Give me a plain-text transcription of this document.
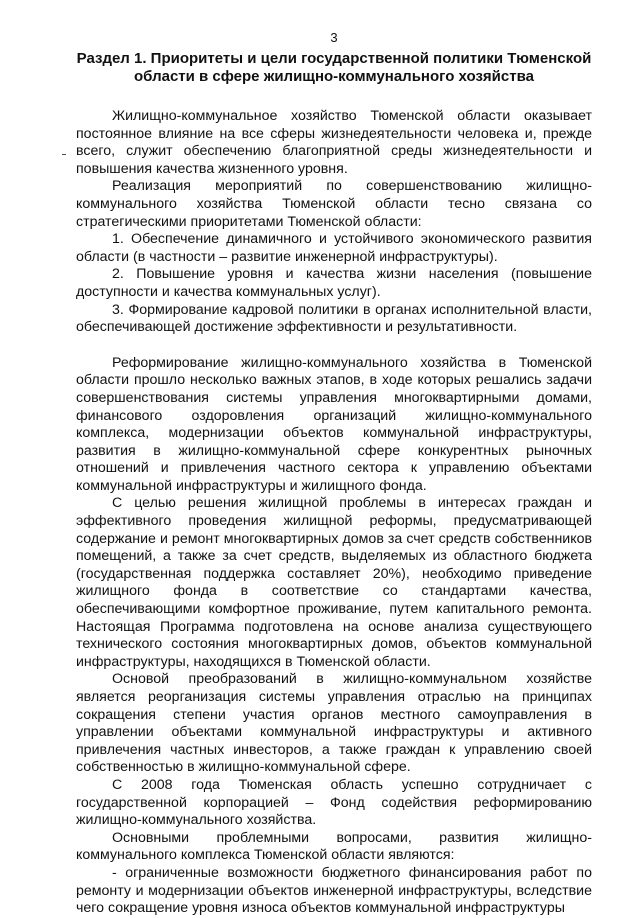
3
Раздел 1. Приоритеты и цели государственной политики Тюменской области в сфере жилищно-коммунального хозяйства

Жилищно-коммунальное хозяйство Тюменской области оказывает постоянное влияние на все сферы жизнедеятельности человека и, прежде всего, служит обеспечению благоприятной среды жизнедеятельности и повышения качества жизненного уровня.

Реализация мероприятий по совершенствованию жилищно-коммунального хозяйства Тюменской области тесно связана со стратегическими приоритетами Тюменской области:

1. Обеспечение динамичного и устойчивого экономического развития области (в частности – развитие инженерной инфраструктуры).

2. Повышение уровня и качества жизни населения (повышение доступности и качества коммунальных услуг).

3. Формирование кадровой политики в органах исполнительной власти, обеспечивающей достижение эффективности и результативности.

Реформирование жилищно-коммунального хозяйства в Тюменской области прошло несколько важных этапов, в ходе которых решались задачи совершенствования системы управления многоквартирными домами, финансового оздоровления организаций жилищно-коммунального комплекса, модернизации объектов коммунальной инфраструктуры, развития в жилищно-коммунальной сфере конкурентных рыночных отношений и привлечения частного сектора к управлению объектами коммунальной инфраструктуры и жилищного фонда.

С целью решения жилищной проблемы в интересах граждан и эффективного проведения жилищной реформы, предусматривающей содержание и ремонт многоквартирных домов за счет средств собственников помещений, а также за счет средств, выделяемых из областного бюджета (государственная поддержка составляет 20%), необходимо приведение жилищного фонда в соответствие со стандартами качества, обеспечивающими комфортное проживание, путем капитального ремонта. Настоящая Программа подготовлена на основе анализа существующего технического состояния многоквартирных домов, объектов коммунальной инфраструктуры, находящихся в Тюменской области.

Основой преобразований в жилищно-коммунальном хозяйстве является реорганизация системы управления отраслью на принципах сокращения степени участия органов местного самоуправления в управлении объектами коммунальной инфраструктуры и активного привлечения частных инвесторов, а также граждан к управлению своей собственностью в жилищно-коммунальной сфере.

С 2008 года Тюменская область успешно сотрудничает с государственной корпорацией – Фонд содействия реформированию жилищно-коммунального хозяйства.

Основными проблемными вопросами, развития жилищно-коммунального комплекса Тюменской области являются:

- ограниченные возможности бюджетного финансирования работ по ремонту и модернизации объектов инженерной инфраструктуры, вследствие чего сокращение уровня износа объектов коммунальной инфраструктуры
